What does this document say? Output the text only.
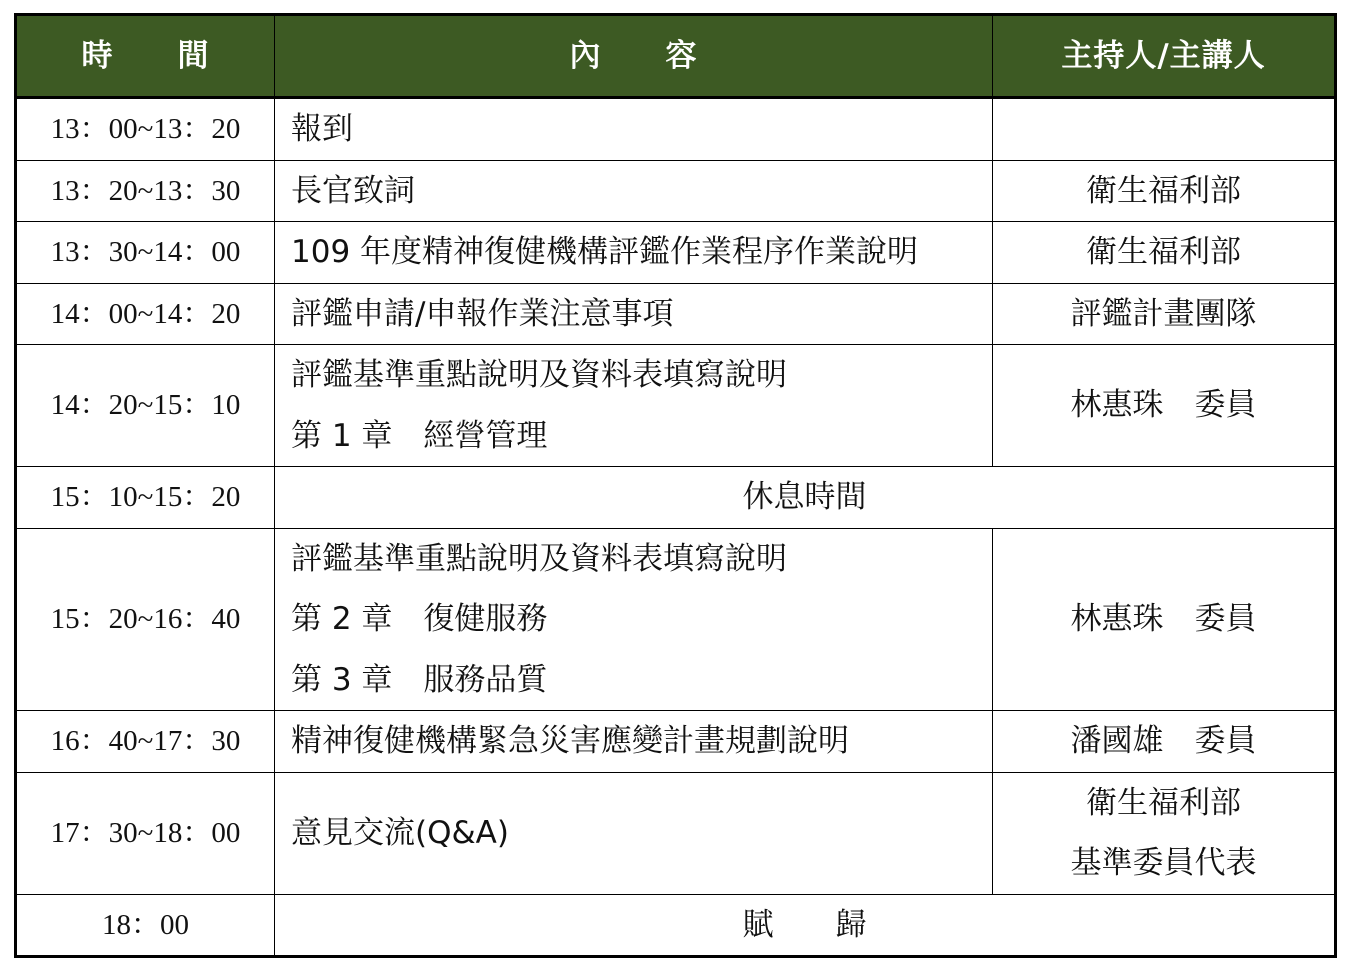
時　　間	內　　容	主持人/主講人
13：00~13：20	報到	

13：20~13：30	長官致詞	衛生福利部

13：30~14：00	109 年度精神復健機構評鑑作業程序作業說明	衛生福利部

14：00~14：20	評鑑申請/申報作業注意事項	評鑑計畫團隊

14：20~15：10	評鑑基準重點說明及資料表填寫說明
第 1 章　經營管理	林惠珠　委員

15：10~15：20	休息時間	

15：20~16：40	評鑑基準重點說明及資料表填寫說明
第 2 章　復健服務
第 3 章　服務品質	林惠珠　委員

16：40~17：30	精神復健機構緊急災害應變計畫規劃說明	潘國雄　委員

17：30~18：00	意見交流(Q&A)	衛生福利部
基準委員代表

18：00	賦　　歸	
